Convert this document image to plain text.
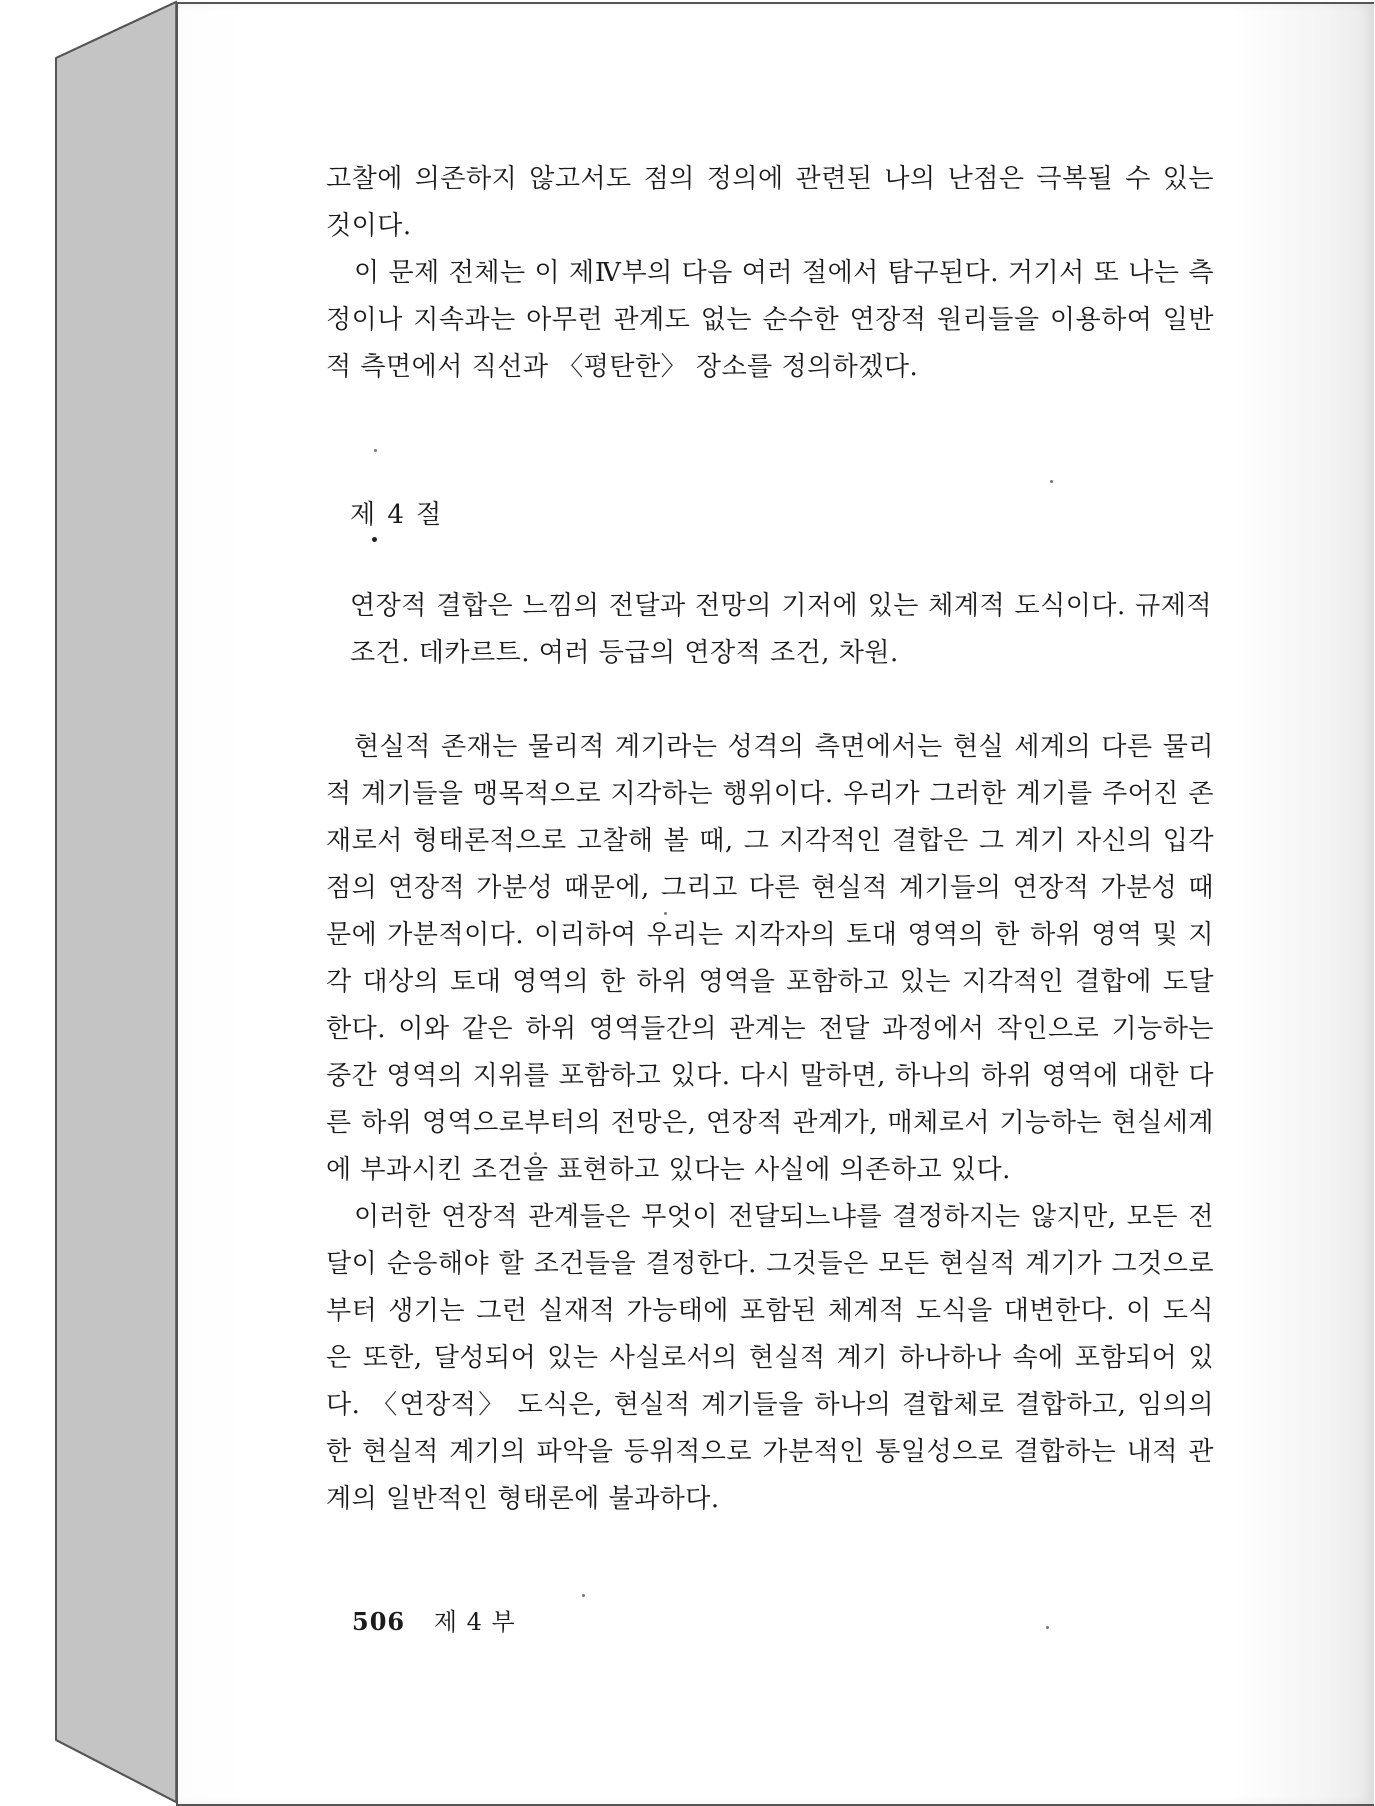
고찰에 의존하지 않고서도 점의 정의에 관련된 나의 난점은 극복될 수 있는 것이다.

이 문제 전체는 이 제Ⅳ부의 다음 여러 절에서 탐구된다. 거기서 또 나는 측정이나 지속과는 아무런 관계도 없는 순수한 연장적 원리들을 이용하여 일반적 측면에서 직선과 〈평탄한〉 장소를 정의하겠다.

제 4 절

연장적 결합은 느낌의 전달과 전망의 기저에 있는 체계적 도식이다. 규제적 조건. 데카르트. 여러 등급의 연장적 조건, 차원.

현실적 존재는 물리적 계기라는 성격의 측면에서는 현실 세계의 다른 물리적 계기들을 맹목적으로 지각하는 행위이다. 우리가 그러한 계기를 주어진 존재로서 형태론적으로 고찰해 볼 때, 그 지각적인 결합은 그 계기 자신의 입각점의 연장적 가분성 때문에, 그리고 다른 현실적 계기들의 연장적 가분성 때문에 가분적이다. 이리하여 우리는 지각자의 토대 영역의 한 하위 영역 및 지각 대상의 토대 영역의 한 하위 영역을 포함하고 있는 지각적인 결합에 도달한다. 이와 같은 하위 영역들간의 관계는 전달 과정에서 작인으로 기능하는 중간 영역의 지위를 포함하고 있다. 다시 말하면, 하나의 하위 영역에 대한 다른 하위 영역으로부터의 전망은, 연장적 관계가, 매체로서 기능하는 현실세계에 부과시킨 조건을 표현하고 있다는 사실에 의존하고 있다.

이러한 연장적 관계들은 무엇이 전달되느냐를 결정하지는 않지만, 모든 전달이 순응해야 할 조건들을 결정한다. 그것들은 모든 현실적 계기가 그것으로부터 생기는 그런 실재적 가능태에 포함된 체계적 도식을 대변한다. 이 도식은 또한, 달성되어 있는 사실로서의 현실적 계기 하나하나 속에 포함되어 있다. 〈연장적〉 도식은, 현실적 계기들을 하나의 결합체로 결합하고, 임의의 한 현실적 계기의 파악을 등위적으로 가분적인 통일성으로 결합하는 내적 관계의 일반적인 형태론에 불과하다.

506 제 4 부
